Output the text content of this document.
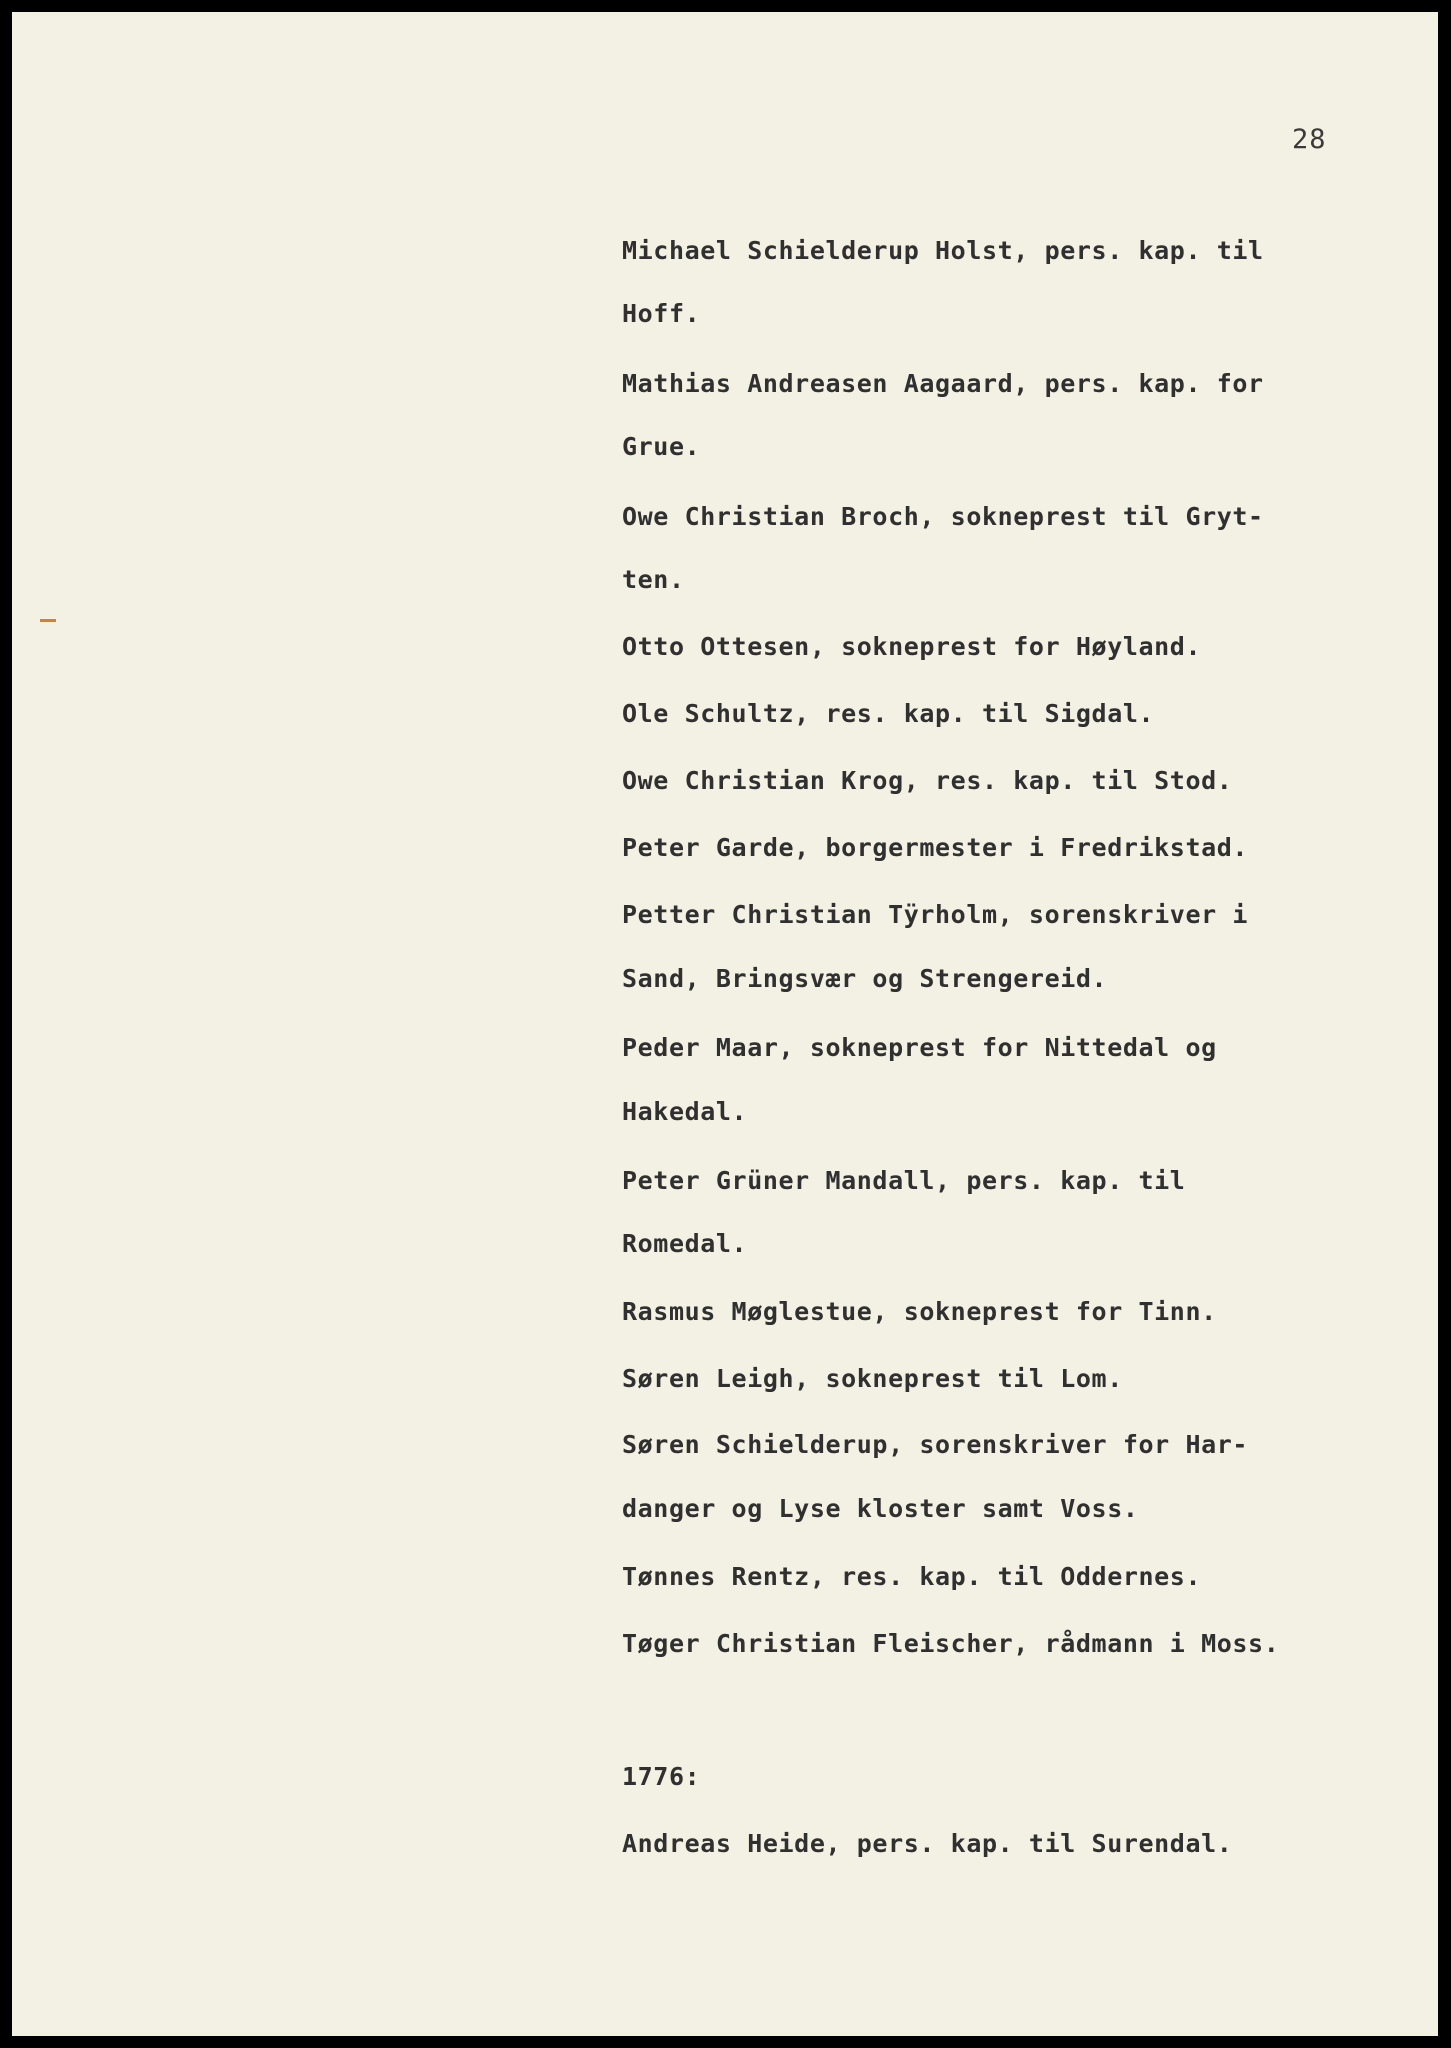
28
Michael Schielderup Holst, pers. kap. til
Hoff.
Mathias Andreasen Aagaard, pers. kap. for
Grue.
Owe Christian Broch, sokneprest til Gryt-
ten.
Otto Ottesen, sokneprest for Høyland.
Ole Schultz, res. kap. til Sigdal.
Owe Christian Krog, res. kap. til Stod.
Peter Garde, borgermester i Fredrikstad.
Petter Christian Tÿrholm, sorenskriver i
Sand, Bringsvær og Strengereid.
Peder Maar, sokneprest for Nittedal og
Hakedal.
Peter Grüner Mandall, pers. kap. til
Romedal.
Rasmus Møglestue, sokneprest for Tinn.
Søren Leigh, sokneprest til Lom.
Søren Schielderup, sorenskriver for Har-
danger og Lyse kloster samt Voss.
Tønnes Rentz, res. kap. til Oddernes.
Tøger Christian Fleischer, rådmann i Moss.
1776:
Andreas Heide, pers. kap. til Surendal.
